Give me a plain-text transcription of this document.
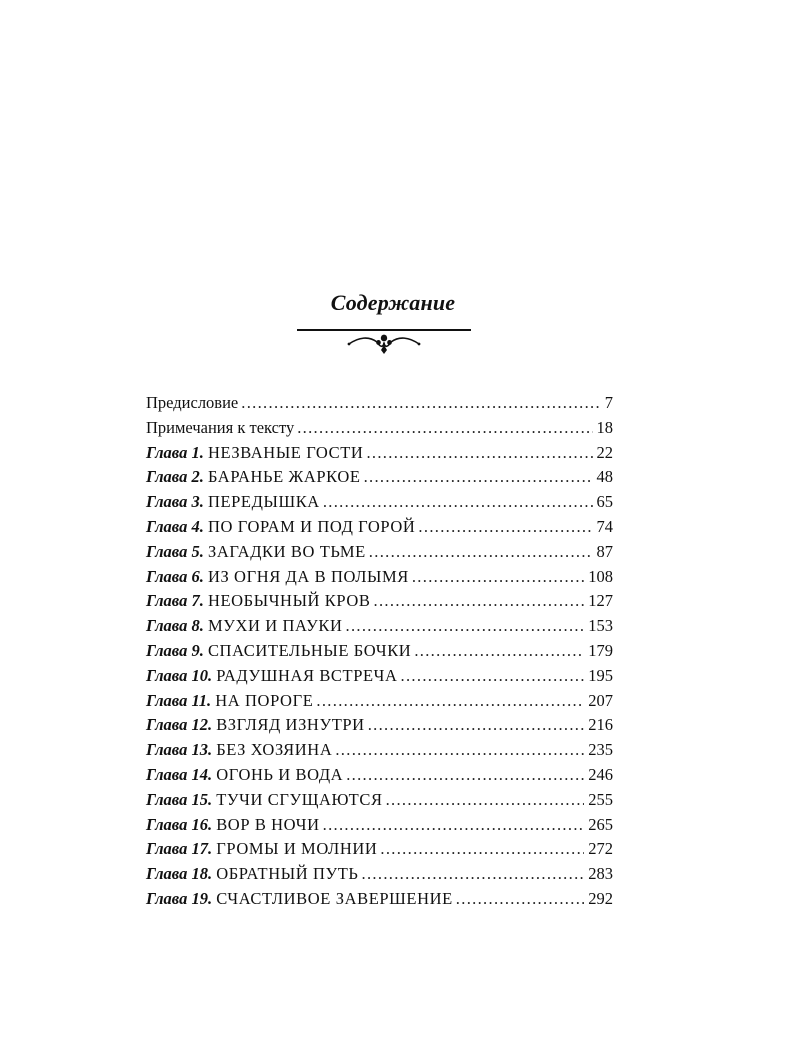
Содержание
Предисловие . . .	7
Примечания к тексту . . .	18
Глава 1. НЕЗВАНЫЕ ГОСТИ . . .	22
Глава 2. БАРАНЬЕ ЖАРКОЕ . . .	48
Глава 3. ПЕРЕДЫШКА . . .	65
Глава 4. ПО ГОРАМ И ПОД ГОРОЙ . . .	74
Глава 5. ЗАГАДКИ ВО ТЬМЕ . . .	87
Глава 6. ИЗ ОГНЯ ДА В ПОЛЫМЯ . . .	108
Глава 7. НЕОБЫЧНЫЙ КРОВ . . .	127
Глава 8. МУХИ И ПАУКИ . . .	153
Глава 9. СПАСИТЕЛЬНЫЕ БОЧКИ . . .	179
Глава 10. РАДУШНАЯ ВСТРЕЧА . . .	195
Глава 11. НА ПОРОГЕ . . .	207
Глава 12. ВЗГЛЯД ИЗНУТРИ . . .	216
Глава 13. БЕЗ ХОЗЯИНА . . .	235
Глава 14. ОГОНЬ И ВОДА . . .	246
Глава 15. ТУЧИ СГУЩАЮТСЯ . . .	255
Глава 16. ВОР В НОЧИ . . .	265
Глава 17. ГРОМЫ И МОЛНИИ . . .	272
Глава 18. ОБРАТНЫЙ ПУТЬ . . .	283
Глава 19. СЧАСТЛИВОЕ ЗАВЕРШЕНИЕ . . .	292
